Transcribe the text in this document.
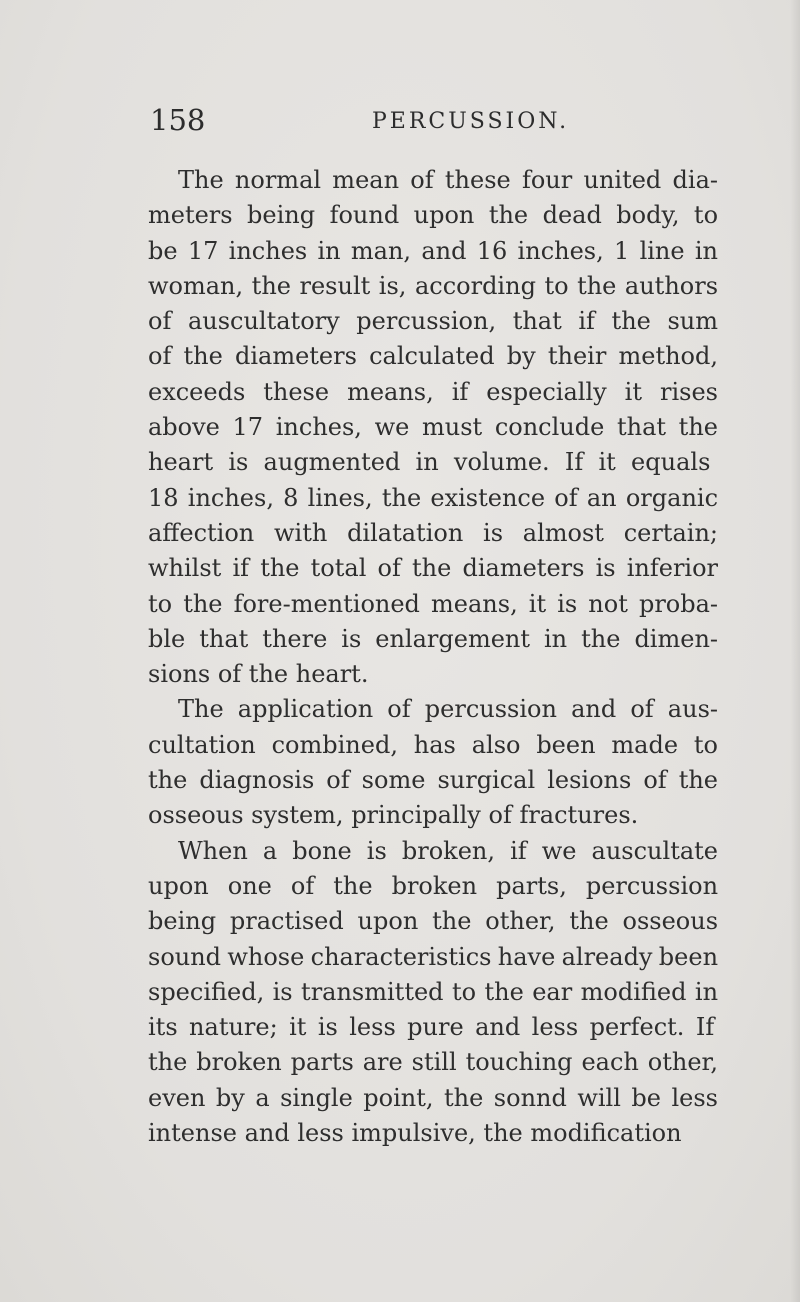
158	PERCUSSION.
The normal mean of these four united dia-
meters being found upon the dead body, to
be 17 inches in man, and 16 inches, 1 line in
woman, the result is, according to the authors
of auscultatory percussion, that if the sum
of the diameters calculated by their method,
exceeds these means, if especially it rises
above 17 inches, we must conclude that the
heart is augmented in volume. If it equals
18 inches, 8 lines, the existence of an organic
affection with dilatation is almost certain;
whilst if the total of the diameters is inferior
to the fore-mentioned means, it is not proba-
ble that there is enlargement in the dimen-
sions of the heart.
The application of percussion and of aus-
cultation combined, has also been made to
the diagnosis of some surgical lesions of the
osseous system, principally of fractures.
When a bone is broken, if we auscultate
upon one of the broken parts, percussion
being practised upon the other, the osseous
sound whose characteristics have already been
specified, is transmitted to the ear modified in
its nature; it is less pure and less perfect. If
the broken parts are still touching each other,
even by a single point, the sonnd will be less
intense and less impulsive, the modification
